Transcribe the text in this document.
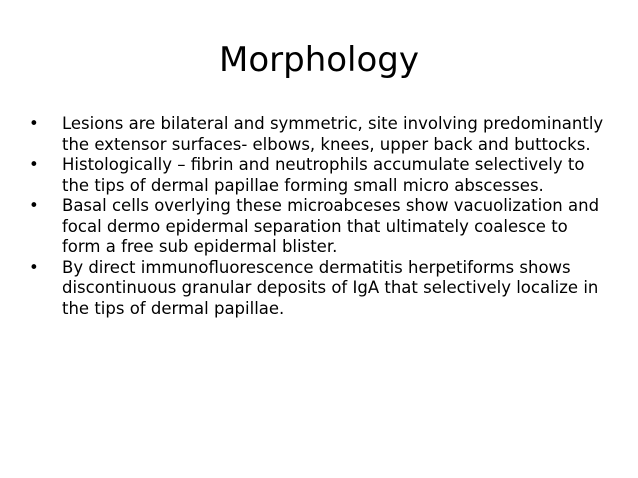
Morphology
• Lesions are bilateral and symmetric, site involving predominantly the extensor surfaces- elbows, knees, upper back and buttocks.
• Histologically – fibrin and neutrophils accumulate selectively to the tips of dermal papillae forming small micro abscesses.
• Basal cells overlying these microabceses show vacuolization and focal dermo epidermal separation that ultimately coalesce to form a free sub epidermal blister.
• By direct immunofluorescence dermatitis herpetiforms shows discontinuous granular deposits of IgA that selectively localize in the tips of dermal papillae.
